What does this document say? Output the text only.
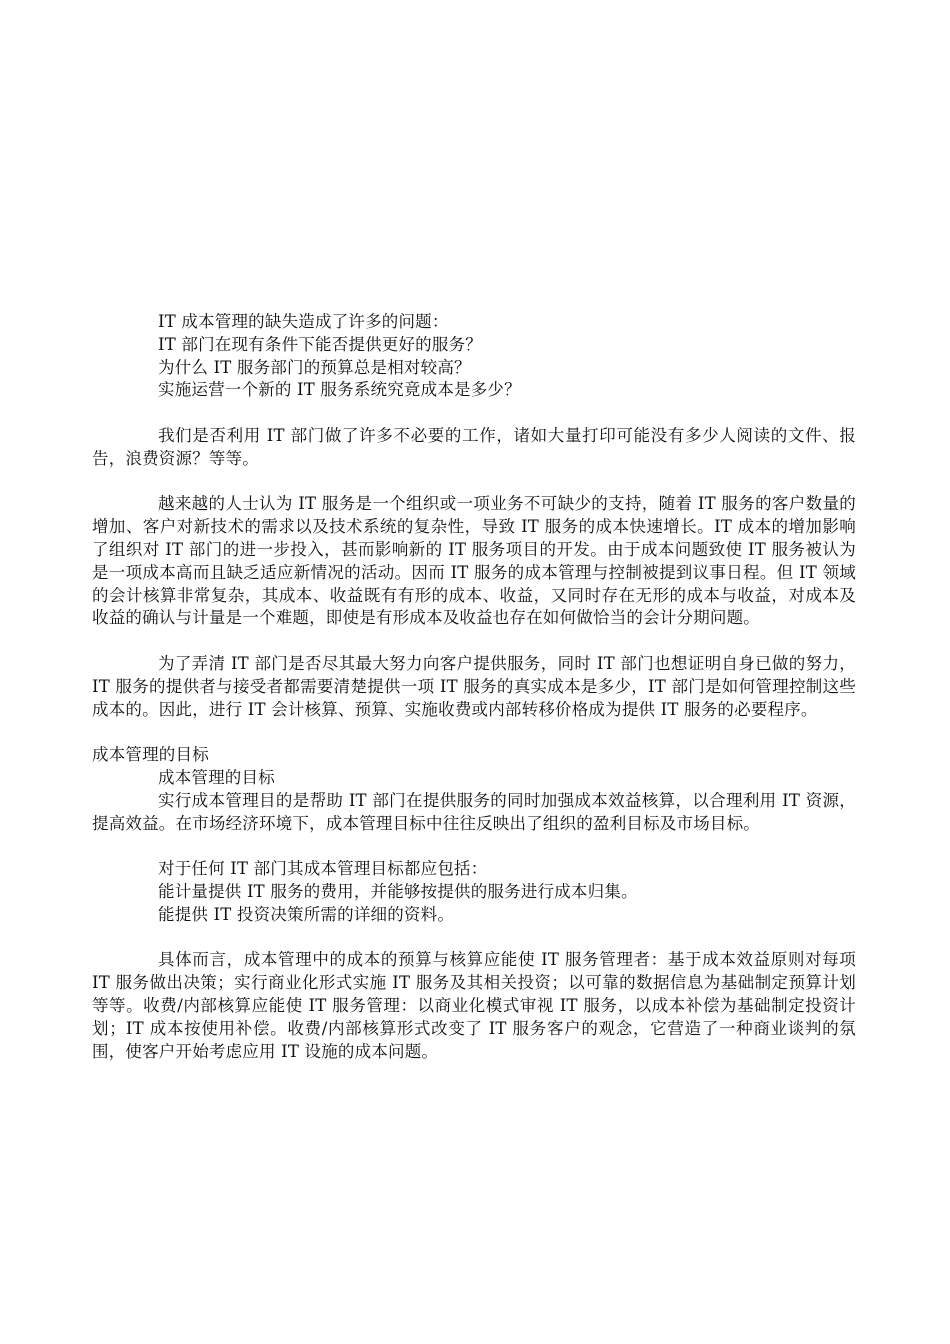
IT 成本管理的缺失造成了许多的问题：
IT 部门在现有条件下能否提供更好的服务？
为什么 IT 服务部门的预算总是相对较高？
实施运营一个新的 IT 服务系统究竟成本是多少？
我们是否利用 IT 部门做了许多不必要的工作，诸如大量打印可能没有多少人阅读的文件、报告，浪费资源？等等。
越来越的人士认为 IT 服务是一个组织或一项业务不可缺少的支持，随着 IT 服务的客户数量的增加、客户对新技术的需求以及技术系统的复杂性，导致 IT 服务的成本快速增长。IT 成本的增加影响了组织对 IT 部门的进一步投入，甚而影响新的 IT 服务项目的开发。由于成本问题致使 IT 服务被认为是一项成本高而且缺乏适应新情况的活动。因而 IT 服务的成本管理与控制被提到议事日程。但 IT 领域的会计核算非常复杂，其成本、收益既有有形的成本、收益，又同时存在无形的成本与收益，对成本及收益的确认与计量是一个难题，即使是有形成本及收益也存在如何做恰当的会计分期问题。
为了弄清 IT 部门是否尽其最大努力向客户提供服务，同时 IT 部门也想证明自身已做的努力，IT 服务的提供者与接受者都需要清楚提供一项 IT 服务的真实成本是多少，IT 部门是如何管理控制这些成本的。因此，进行 IT 会计核算、预算、实施收费或内部转移价格成为提供 IT 服务的必要程序。
成本管理的目标
成本管理的目标
实行成本管理目的是帮助 IT 部门在提供服务的同时加强成本效益核算，以合理利用 IT 资源，提高效益。在市场经济环境下，成本管理目标中往往反映出了组织的盈利目标及市场目标。
对于任何 IT 部门其成本管理目标都应包括：
能计量提供 IT 服务的费用，并能够按提供的服务进行成本归集。
能提供 IT 投资决策所需的详细的资料。
具体而言，成本管理中的成本的预算与核算应能使 IT 服务管理者：基于成本效益原则对每项 IT 服务做出决策；实行商业化形式实施 IT 服务及其相关投资；以可靠的数据信息为基础制定预算计划等等。收费/内部核算应能使 IT 服务管理：以商业化模式审视 IT 服务，以成本补偿为基础制定投资计划；IT 成本按使用补偿。收费/内部核算形式改变了 IT 服务客户的观念，它营造了一种商业谈判的氛围，使客户开始考虑应用 IT 设施的成本问题。
